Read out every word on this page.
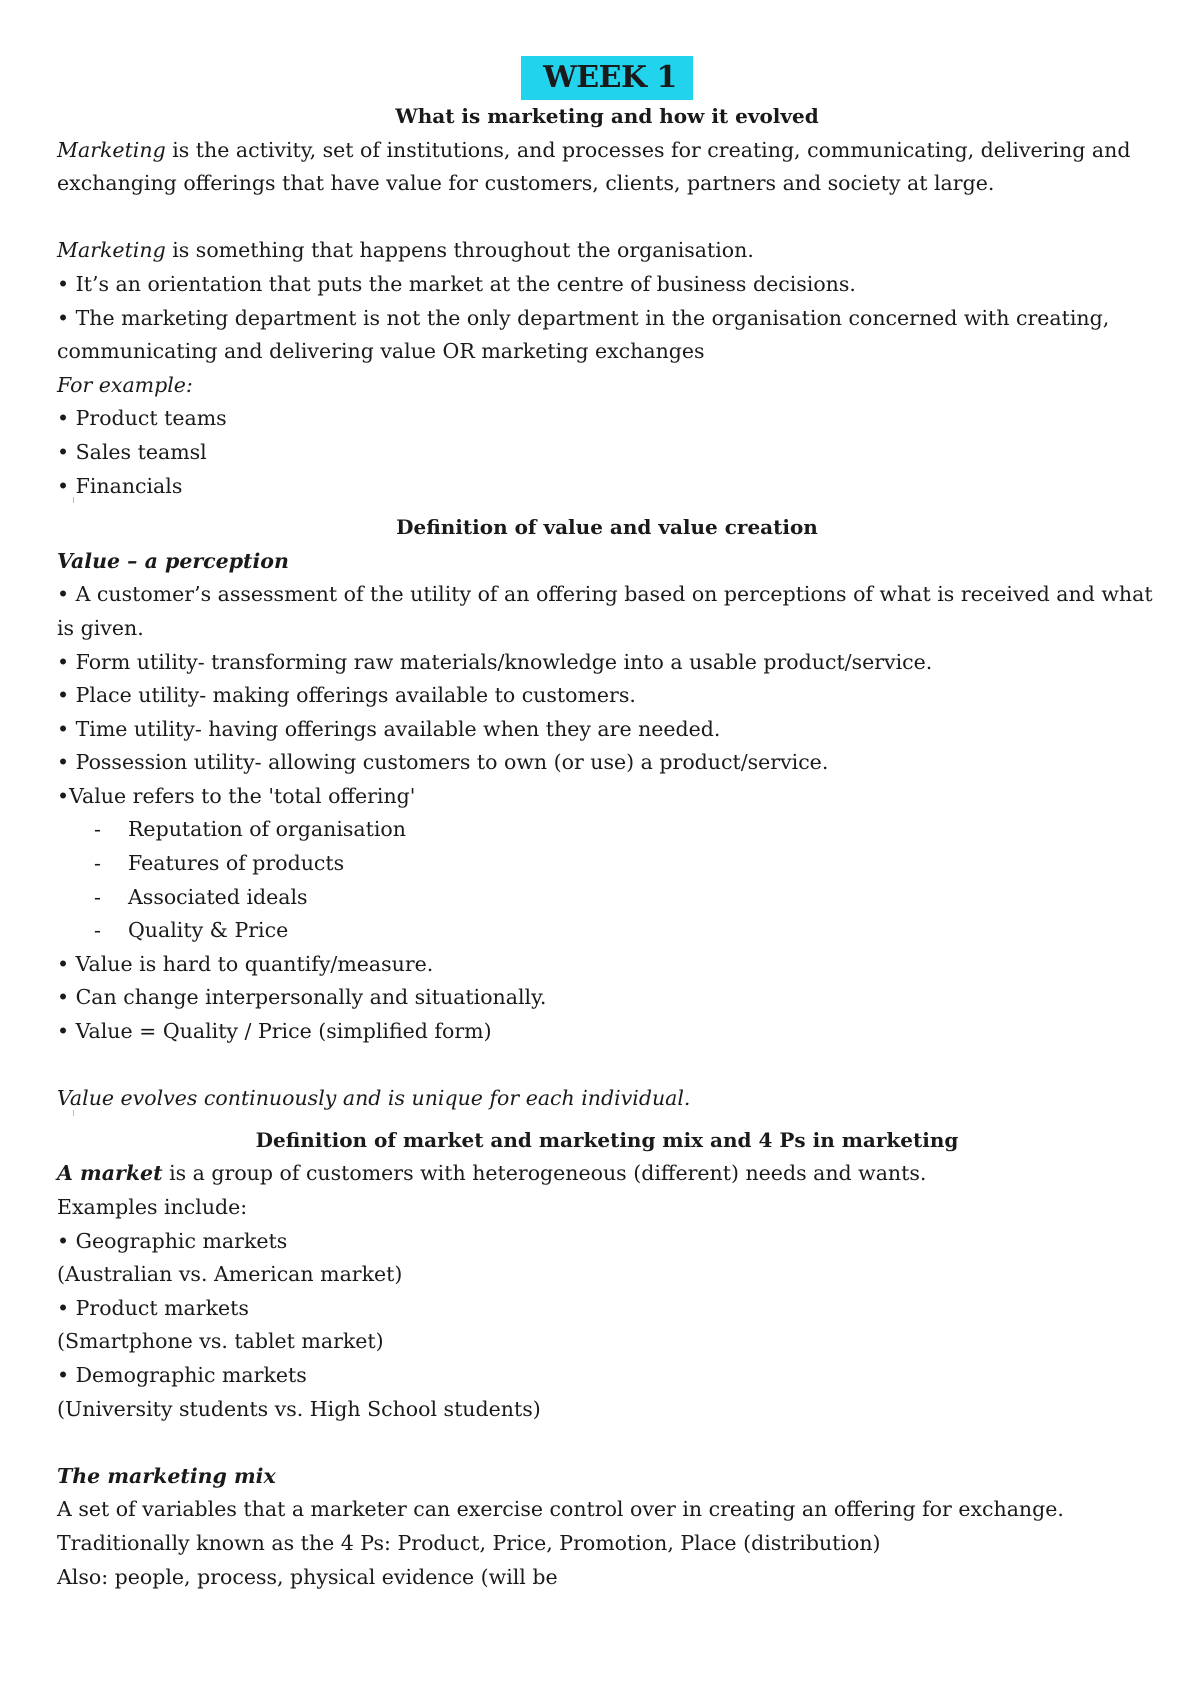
WEEK 1
What is marketing and how it evolved
Marketing is the activity, set of institutions, and processes for creating, communicating, delivering and
exchanging offerings that have value for customers, clients, partners and society at large.
Marketing is something that happens throughout the organisation.
• It’s an orientation that puts the market at the centre of business decisions.
• The marketing department is not the only department in the organisation concerned with creating,
communicating and delivering value OR marketing exchanges
For example:
• Product teams
• Sales teamsl
• Financials
Definition of value and value creation
Value – a perception
• A customer’s assessment of the utility of an offering based on perceptions of what is received and what
is given.
• Form utility- transforming raw materials/knowledge into a usable product/service.
• Place utility- making offerings available to customers.
• Time utility- having offerings available when they are needed.
• Possession utility- allowing customers to own (or use) a product/service.
•Value refers to the 'total offering'
- Reputation of organisation
- Features of products
- Associated ideals
- Quality & Price
• Value is hard to quantify/measure.
• Can change interpersonally and situationally.
• Value = Quality / Price (simplified form)
Value evolves continuously and is unique for each individual.
Definition of market and marketing mix and 4 Ps in marketing
A market is a group of customers with heterogeneous (different) needs and wants.
Examples include:
• Geographic markets
(Australian vs. American market)
• Product markets
(Smartphone vs. tablet market)
• Demographic markets
(University students vs. High School students)
The marketing mix
A set of variables that a marketer can exercise control over in creating an offering for exchange.
Traditionally known as the 4 Ps: Product, Price, Promotion, Place (distribution)
Also: people, process, physical evidence (will be
